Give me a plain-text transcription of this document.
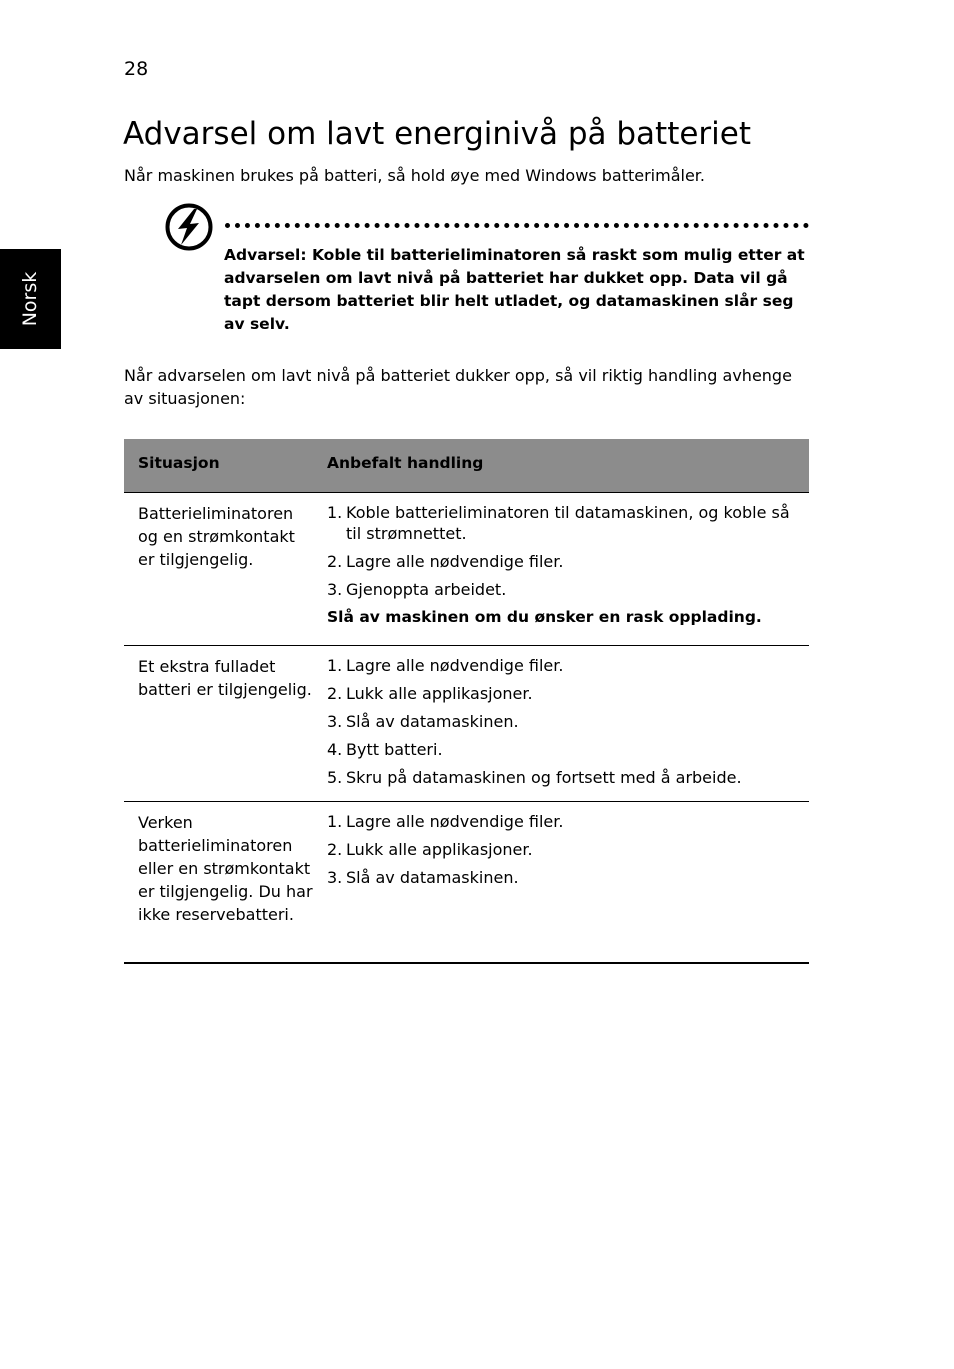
28
Norsk
Advarsel om lavt energinivå på batteriet

Når maskinen brukes på batteri, så hold øye med Windows batterimåler.

Advarsel: Koble til batterieliminatoren så raskt som mulig etter at advarselen om lavt nivå på batteriet har dukket opp. Data vil gå tapt dersom batteriet blir helt utladet, og datamaskinen slår seg av selv.

Når advarselen om lavt nivå på batteriet dukker opp, så vil riktig handling avhenge av situasjonen:

Situasjon	Anbefalt handling
Batterieliminatoren og en strømkontakt er tilgjengelig.
1. Koble batterieliminatoren til datamaskinen, og koble så til strømnettet.
2. Lagre alle nødvendige filer.
3. Gjenoppta arbeidet.
Slå av maskinen om du ønsker en rask opplading.
Et ekstra fulladet batteri er tilgjengelig.
1. Lagre alle nødvendige filer.
2. Lukk alle applikasjoner.
3. Slå av datamaskinen.
4. Bytt batteri.
5. Skru på datamaskinen og fortsett med å arbeide.
Verken batterieliminatoren eller en strømkontakt er tilgjengelig. Du har ikke reservebatteri.
1. Lagre alle nødvendige filer.
2. Lukk alle applikasjoner.
3. Slå av datamaskinen.
